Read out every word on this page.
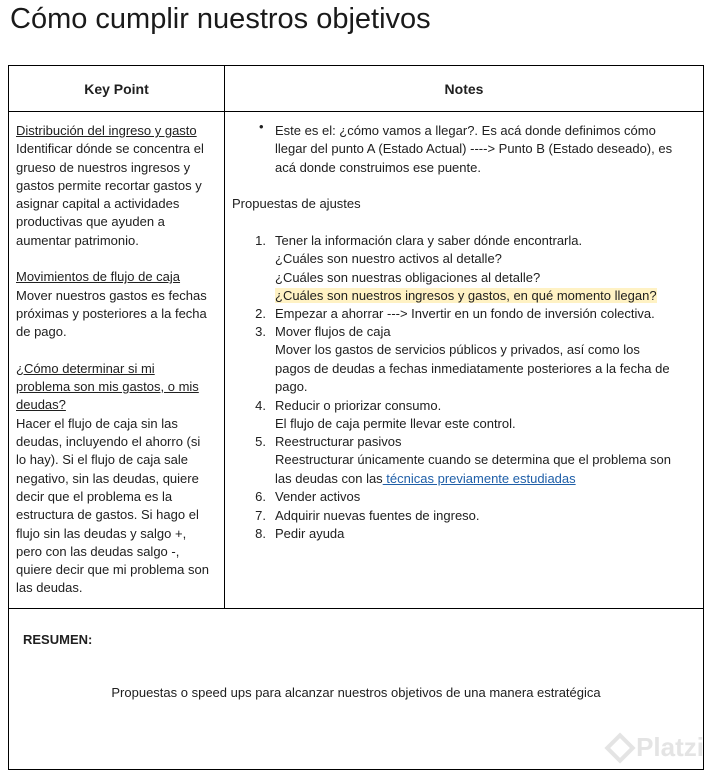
Cómo cumplir nuestros objetivos
Key Point	Notes
Distribución del ingreso y gasto
Identificar dónde se concentra el
grueso de nuestros ingresos y
gastos permite recortar gastos y
asignar capital a actividades
productivas que ayuden a
aumentar patrimonio.
Movimientos de flujo de caja
Mover nuestros gastos es fechas
próximas y posteriores a la fecha
de pago.
¿Cómo determinar si mi
problema son mis gastos, o mis
deudas?
Hacer el flujo de caja sin las
deudas, incluyendo el ahorro (si
lo hay). Si el flujo de caja sale
negativo, sin las deudas, quiere
decir que el problema es la
estructura de gastos. Si hago el
flujo sin las deudas y salgo +,
pero con las deudas salgo -,
quiere decir que mi problema son
las deudas.
• Este es el: ¿cómo vamos a llegar?. Es acá donde definimos cómo
llegar del punto A (Estado Actual) ----> Punto B (Estado deseado), es
acá donde construimos ese puente.
Propuestas de ajustes
1. Tener la información clara y saber dónde encontrarla.
¿Cuáles son nuestro activos al detalle?
¿Cuáles son nuestras obligaciones al detalle?
¿Cuáles son nuestros ingresos y gastos, en qué momento llegan?
2. Empezar a ahorrar ---> Invertir en un fondo de inversión colectiva.
3. Mover flujos de caja
Mover los gastos de servicios públicos y privados, así como los
pagos de deudas a fechas inmediatamente posteriores a la fecha de
pago.
4. Reducir o priorizar consumo.
El flujo de caja permite llevar este control.
5. Reestructurar pasivos
Reestructurar únicamente cuando se determina que el problema son
las deudas con las técnicas previamente estudiadas
6. Vender activos
7. Adquirir nuevas fuentes de ingreso.
8. Pedir ayuda
RESUMEN:
Propuestas o speed ups para alcanzar nuestros objetivos de una manera estratégica
Platzi
